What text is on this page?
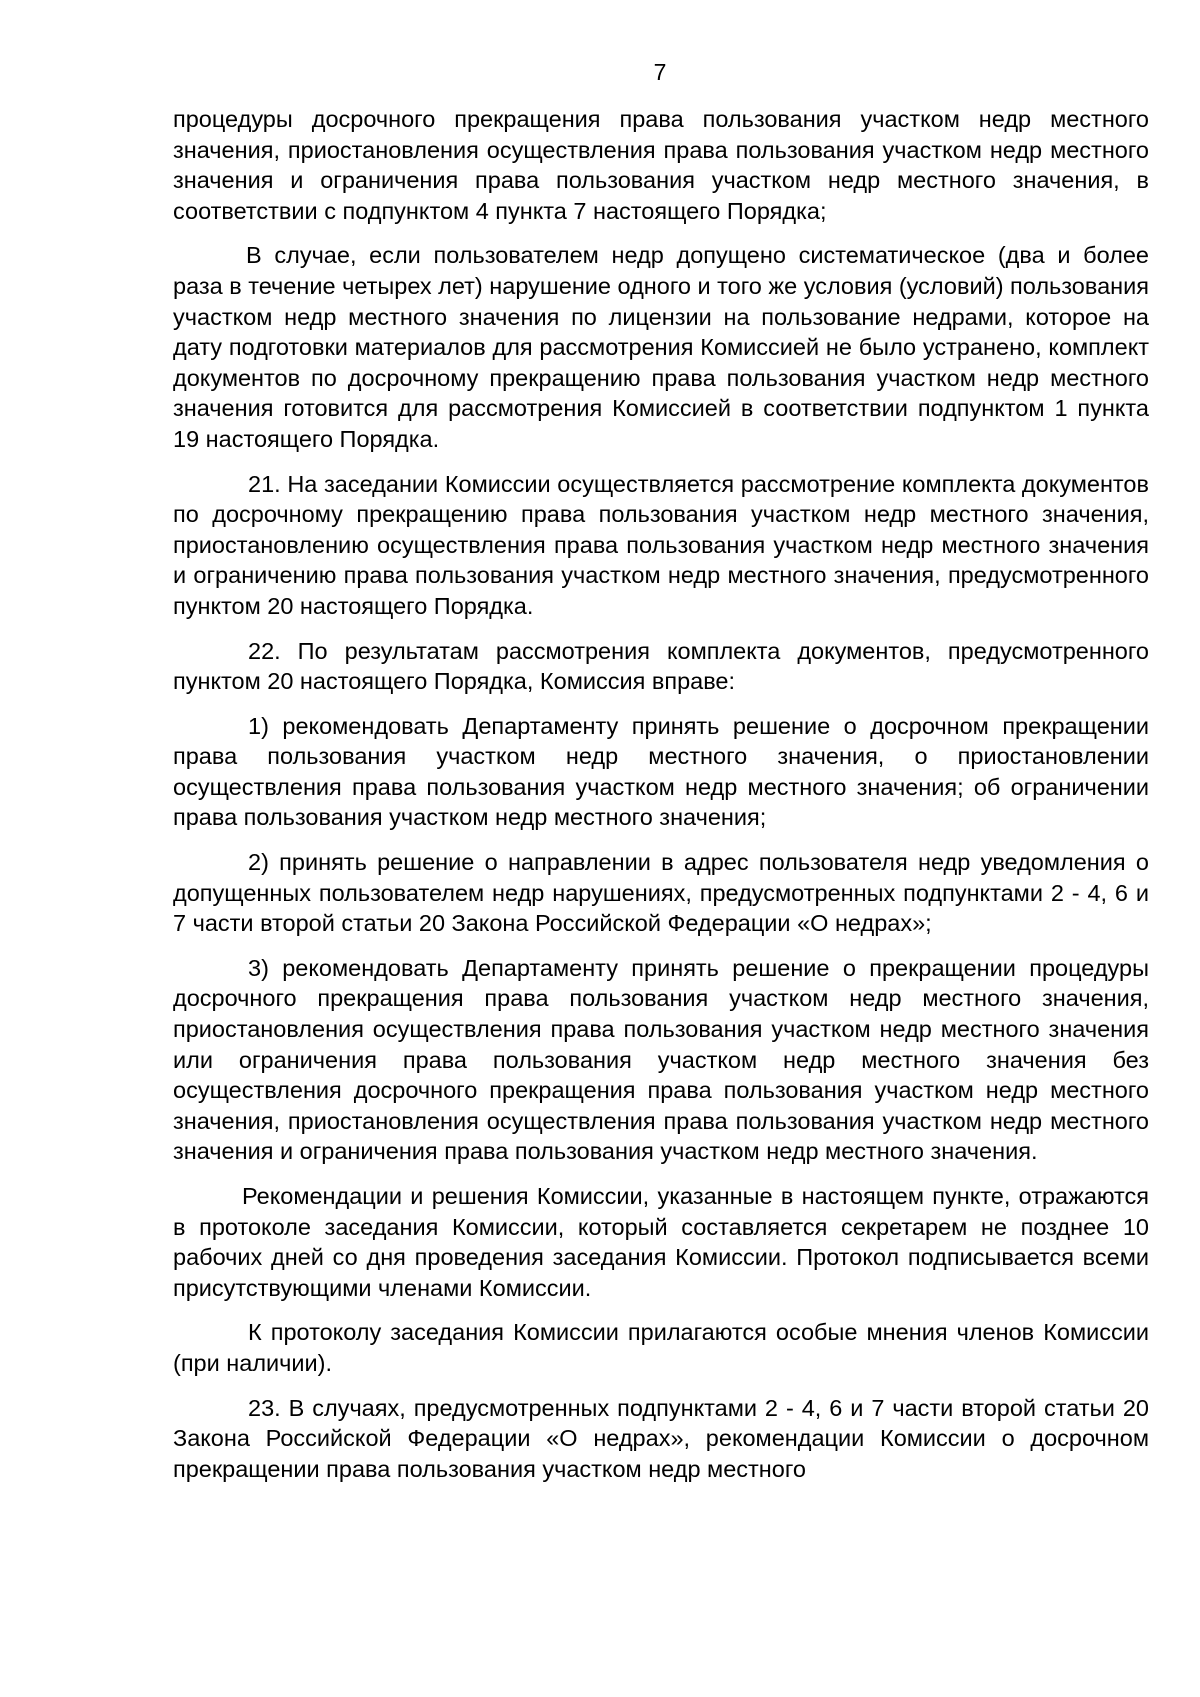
7

процедуры досрочного прекращения права пользования участком недр местного значения, приостановления осуществления права пользования участком недр местного значения и ограничения права пользования участком недр местного значения, в соответствии с подпунктом 4 пункта 7 настоящего Порядка;

В случае, если пользователем недр допущено систематическое (два и более раза в течение четырех лет) нарушение одного и того же условия (условий) пользования участком недр местного значения по лицензии на пользование недрами, которое на дату подготовки материалов для рассмотрения Комиссией не было устранено, комплект документов по досрочному прекращению права пользования участком недр местного значения готовится для рассмотрения Комиссией в соответствии подпунктом 1 пункта 19 настоящего Порядка.

21. На заседании Комиссии осуществляется рассмотрение комплекта документов по досрочному прекращению права пользования участком недр местного значения, приостановлению осуществления права пользования участком недр местного значения и ограничению права пользования участком недр местного значения, предусмотренного пунктом 20 настоящего Порядка.

22. По результатам рассмотрения комплекта документов, предусмотренного пунктом 20 настоящего Порядка, Комиссия вправе:

1) рекомендовать Департаменту принять решение о досрочном прекращении права пользования участком недр местного значения, о приостановлении осуществления права пользования участком недр местного значения; об ограничении права пользования участком недр местного значения;

2) принять решение о направлении в адрес пользователя недр уведомления о допущенных пользователем недр нарушениях, предусмотренных подпунктами 2 - 4, 6 и 7 части второй статьи 20 Закона Российской Федерации «О недрах»;

3) рекомендовать Департаменту принять решение о прекращении процедуры досрочного прекращения права пользования участком недр местного значения, приостановления осуществления права пользования участком недр местного значения или ограничения права пользования участком недр местного значения без осуществления досрочного прекращения права пользования участком недр местного значения, приостановления осуществления права пользования участком недр местного значения и ограничения права пользования участком недр местного значения.

Рекомендации и решения Комиссии, указанные в настоящем пункте, отражаются в протоколе заседания Комиссии, который составляется секретарем не позднее 10 рабочих дней со дня проведения заседания Комиссии. Протокол подписывается всеми присутствующими членами Комиссии.

К протоколу заседания Комиссии прилагаются особые мнения членов Комиссии (при наличии).

23. В случаях, предусмотренных подпунктами 2 - 4, 6 и 7 части второй статьи 20 Закона Российской Федерации «О недрах», рекомендации Комиссии о досрочном прекращении права пользования участком недр местного
